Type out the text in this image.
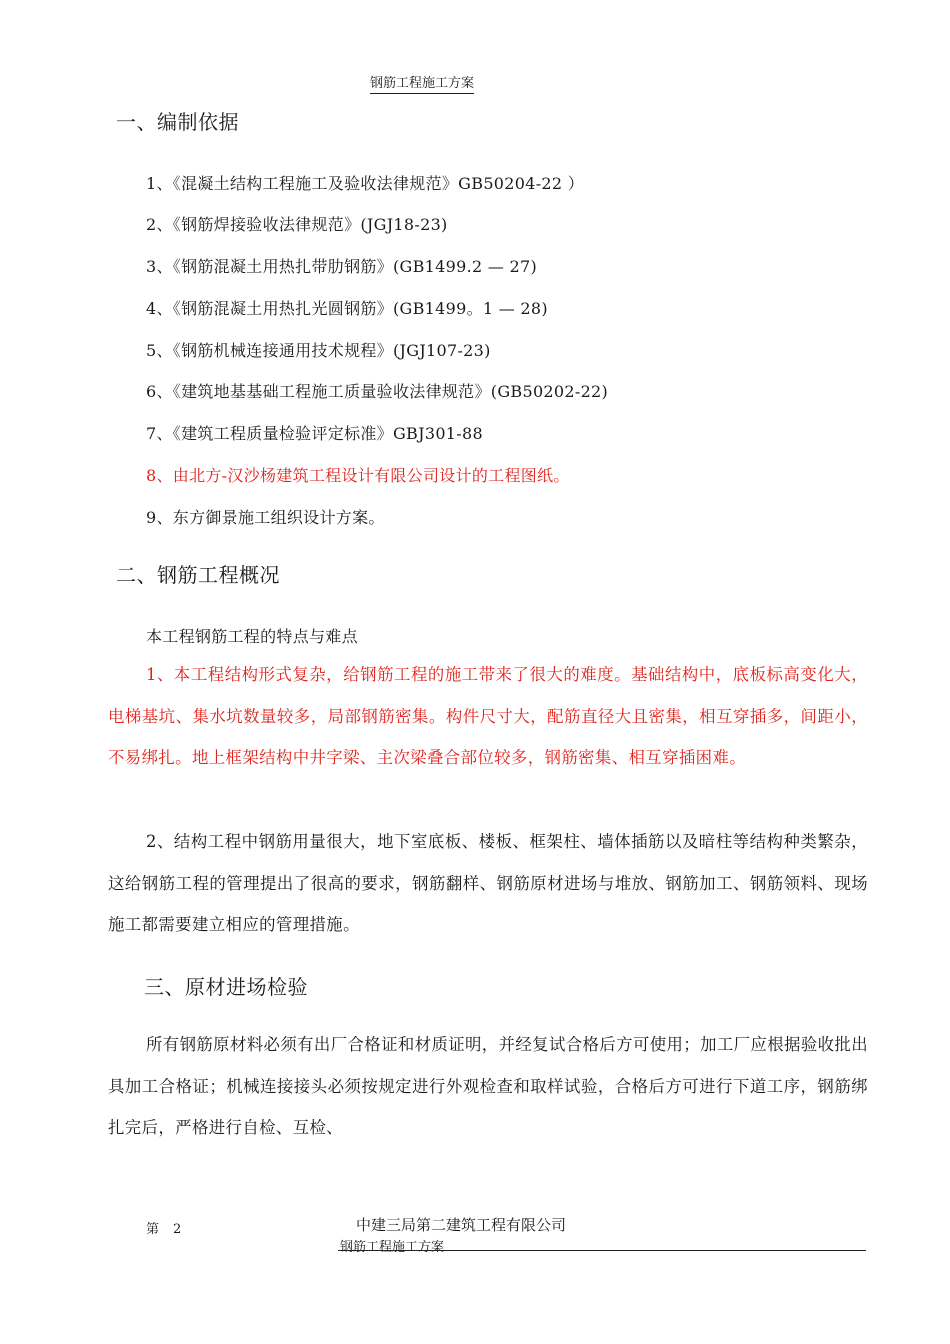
钢筋工程施工方案
一、编制依据
1、《混凝土结构工程施工及验收法律规范》GB50204-22 ）
2、《钢筋焊接验收法律规范》(JGJ18-23)
3、《钢筋混凝土用热扎带肋钢筋》(GB1499.2 — 27)
4、《钢筋混凝土用热扎光圆钢筋》(GB1499。1 — 28)
5、《钢筋机械连接通用技术规程》(JGJ107-23)
6、《建筑地基基础工程施工质量验收法律规范》(GB50202-22)
7、《建筑工程质量检验评定标准》GBJ301-88
8、由北方-汉沙杨建筑工程设计有限公司设计的工程图纸。
9、东方御景施工组织设计方案。
二、钢筋工程概况
本工程钢筋工程的特点与难点
1、本工程结构形式复杂，给钢筋工程的施工带来了很大的难度。基础结构中，底板标高变化大，电梯基坑、集水坑数量较多，局部钢筋密集。构件尺寸大，配筋直径大且密集，相互穿插多，间距小，不易绑扎。地上框架结构中井字梁、主次梁叠合部位较多，钢筋密集、相互穿插困难。
2、结构工程中钢筋用量很大，地下室底板、楼板、框架柱、墙体插筋以及暗柱等结构种类繁杂，这给钢筋工程的管理提出了很高的要求，钢筋翻样、钢筋原材进场与堆放、钢筋加工、钢筋领料、现场施工都需要建立相应的管理措施。
三、原材进场检验
所有钢筋原材料必须有出厂合格证和材质证明，并经复试合格后方可使用；加工厂应根据验收批出具加工合格证；机械连接接头必须按规定进行外观检查和取样试验，合格后方可进行下道工序，钢筋绑扎完后，严格进行自检、互检、
第 2	中建三局第二建筑工程有限公司
钢筋工程施工方案
